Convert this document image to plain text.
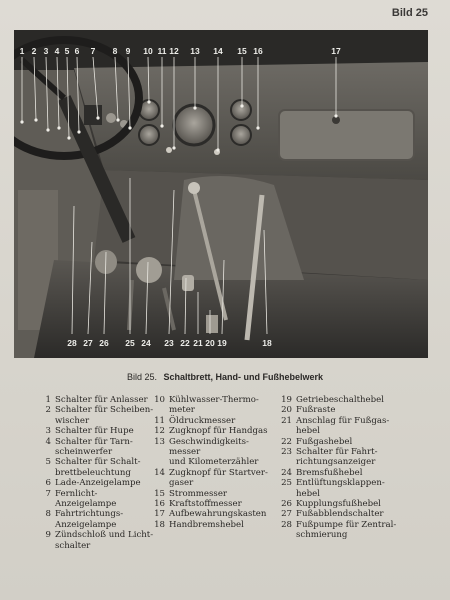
Bild 25
1 2 3 4 5 6 7 8 9 10 11 12 13 14 15 16	17
28 27 26 25 24 23 22 21 20 19	18
Bild 25. Schaltbrett, Hand- und Fußhebelwerk
1 Schalter für Anlasser
2 Schalter für Scheiben-
wischer
3 Schalter für Hupe
4 Schalter für Tarn-
scheinwerfer
5 Schalter für Schalt-
brettbeleuchtung
6 Lade-Anzeigelampe
7 Fernlicht-Anzeigelampe
8 Fahrtrichtungs-
Anzeigelampe
9 Zündschloß und Licht-
schalter
10 Kühlwasser-Thermo-
meter
11 Öldruckmesser
12 Zugknopf für Handgas
13 Geschwindigkeits-
messer
und Kilometerzähler
14 Zugknopf für Startver-
gaser
15 Strommesser
16 Kraftstoffmesser
17 Aufbewahrungskasten
18 Handbremshebel
19 Getriebeschalthebel
20 Fußraste
21 Anschlag für Fußgas-
hebel
22 Fußgashebel
23 Schalter für Fahrt-
richtungsanzeiger
24 Bremsfußhebel
25 Entlüftungsklappen-
hebel
26 Kupplungsfußhebel
27 Fußabblendschalter
28 Fußpumpe für Zentral-
schmierung
